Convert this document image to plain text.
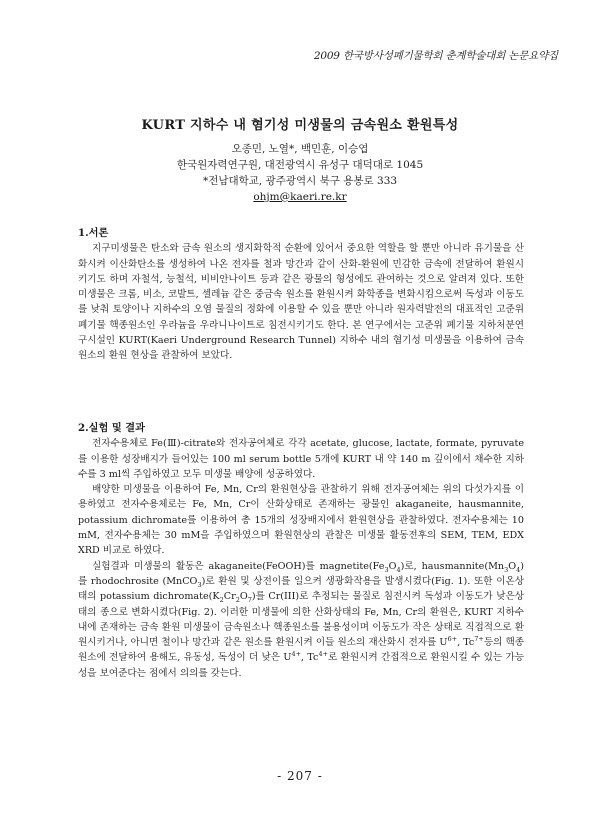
2009 한국방사성폐기물학회 춘계학술대회 논문요약집
KURT 지하수 내 혐기성 미생물의 금속원소 환원특성
오종민, 노열*, 백민훈, 이승엽
한국원자력연구원, 대전광역시 유성구 대덕대로 1045
*전남대학교, 광주광역시 북구 용봉로 333
ohjm@kaeri.re.kr

1.서론

지구미생물은 탄소와 금속 원소의 생지화학적 순환에 있어서 중요한 역할을 할 뿐만 아니라 유기물을 산화시켜 이산화탄소를 생성하여 나온 전자를 철과 망간과 같이 산화-환원에 민감한 금속에 전달하여 환원시키기도 하며 자철석, 능철석, 비비안나이트 등과 같은 광물의 형성에도 관여하는 것으로 알려져 있다. 또한 미생물은 크롬, 비소, 코발트, 셀레늄 같은 중금속 원소를 환원시켜 화학종을 변화시킴으로써 독성과 이동도를 낮춰 토양이나 지하수의 오염 물질의 정화에 이용할 수 있을 뿐만 아니라 원자력발전의 대표적인 고준위 폐기물 핵종원소인 우라늄을 우라니나이트로 침전시키기도 한다. 본 연구에서는 고준위 폐기물 지하처분연구시설인 KURT(Kaeri Underground Research Tunnel) 지하수 내의 혐기성 미생물을 이용하여 금속원소의 환원 현상을 관찰하여 보았다.

2.실험 및 결과

전자수용체로 Fe(Ⅲ)-citrate와 전자공여체로 각각 acetate, glucose, lactate, formate, pyruvate를 이용한 성장배지가 들어있는 100 ml serum bottle 5개에 KURT 내 약 140 m 깊이에서 채수한 지하수를 3 ml씩 주입하였고 모두 미생물 배양에 성공하였다.

배양한 미생물을 이용하여 Fe, Mn, Cr의 환원현상을 관찰하기 위해 전자공여체는 위의 다섯가지를 이용하였고 전자수용체로는 Fe, Mn, Cr이 산화상태로 존재하는 광물인 akaganeite, hausmannite, potassium dichromate를 이용하여 총 15개의 성장배지에서 환원현상을 관찰하였다. 전자수용체는 10 mM, 전자수용체는 30 mM을 주입하였으며 환원현상의 관찰은 미생물 활동전후의 SEM, TEM, EDX XRD 비교로 하였다.

실험결과 미생물의 활동은 akaganeite(FeOOH)를 $magnetite(Fe_3O_4)$로, $hausmannite(Mn_3O_4)$를 rhodochrosite (MnCO$_3$)로 환원 및 상전이를 일으켜 생광화작용을 발생시켰다(Fig. 1). 또한 이온상태의 potassium $dichromate(K_2Cr_2O_7)$를 Cr(III)로 추정되는 물질로 침전시켜 독성과 이동도가 낮은상태의 종으로 변화시켰다(Fig. 2). 이러한 미생물에 의한 산화상태의 Fe, Mn, Cr의 환원은, KURT 지하수 내에 존재하는 금속 환원 미생물이 금속원소나 핵종원소를 불용성이며 이동도가 작은 상태로 직접적으로 환원시키거나, 아니면 철이나 망간과 같은 원소를 환원시켜 이들 원소의 재산화시 전자를 $U^{6+}$, $Tc^{7+}$등의 핵종원소에 전달하여 용해도, 유동성, 독성이 더 낮은 $U^{4+}$, $Tc^{4+}$로 환원시켜 간접적으로 환원시킬 수 있는 가능성을 보여준다는 점에서 의의를 갖는다.

- 207 -
